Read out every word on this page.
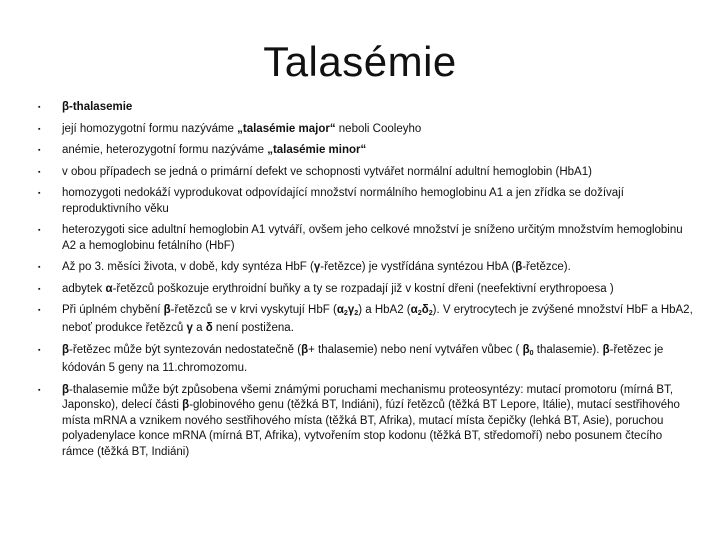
Talasémie
▪	β-thalasemie
▪	její homozygotní formu nazýváme „talasémie major“ neboli Cooleyho
▪	anémie, heterozygotní formu nazýváme „talasémie minor“
▪	v obou případech se jedná o primární defekt ve schopnosti vytvářet normální adultní hemoglobin (HbA1)
▪	homozygoti nedokáží vyprodukovat odpovídající množství normálního hemoglobinu A1 a jen zřídka se dožívají reproduktivního věku
▪	heterozygoti sice adultní hemoglobin A1 vytváří, ovšem jeho celkové množství je sníženo určitým množstvím hemoglobinu A2 a hemoglobinu fetálního (HbF)
▪	Až po 3. měsíci života, v době, kdy syntéza HbF (γ-řetězce) je vystřídána syntézou HbA (β-řetězce).
▪	adbytek α-řetězců poškozuje erythroidní buňky a ty se rozpadají již v kostní dřeni (neefektivní erythropoesa )
▪	Při úplném chybění β-řetězců se v krvi vyskytují HbF $(\alpha_2\gamma_2)$ a HbA2 $(\alpha_2\delta_2)$. V erytrocytech je zvýšené množství HbF a HbA2, neboť produkce řetězců γ a δ není postižena.
▪	β-řetězec může být syntezován nedostatečně (β+ thalasemie) nebo není vytvářen vůbec ( $\beta_0$ thalasemie). β-řetězec je kódován 5 geny na 11.chromozomu.
▪	β-thalasemie může být způsobena všemi známými poruchami mechanismu proteosyntézy: mutací promotoru (mírná BT, Japonsko), delecí části β-globinového genu (těžká BT, Indiáni), fúzí řetězců (těžká BT Lepore, Itálie), mutací sestřihového místa mRNA a vznikem nového sestřihového místa (těžká BT, Afrika), mutací místa čepičky (lehká BT, Asie), poruchou polyadenylace konce mRNA (mírná BT, Afrika), vytvořením stop kodonu (těžká BT, středomoří) nebo posunem čtecího rámce (těžká BT, Indiáni)
